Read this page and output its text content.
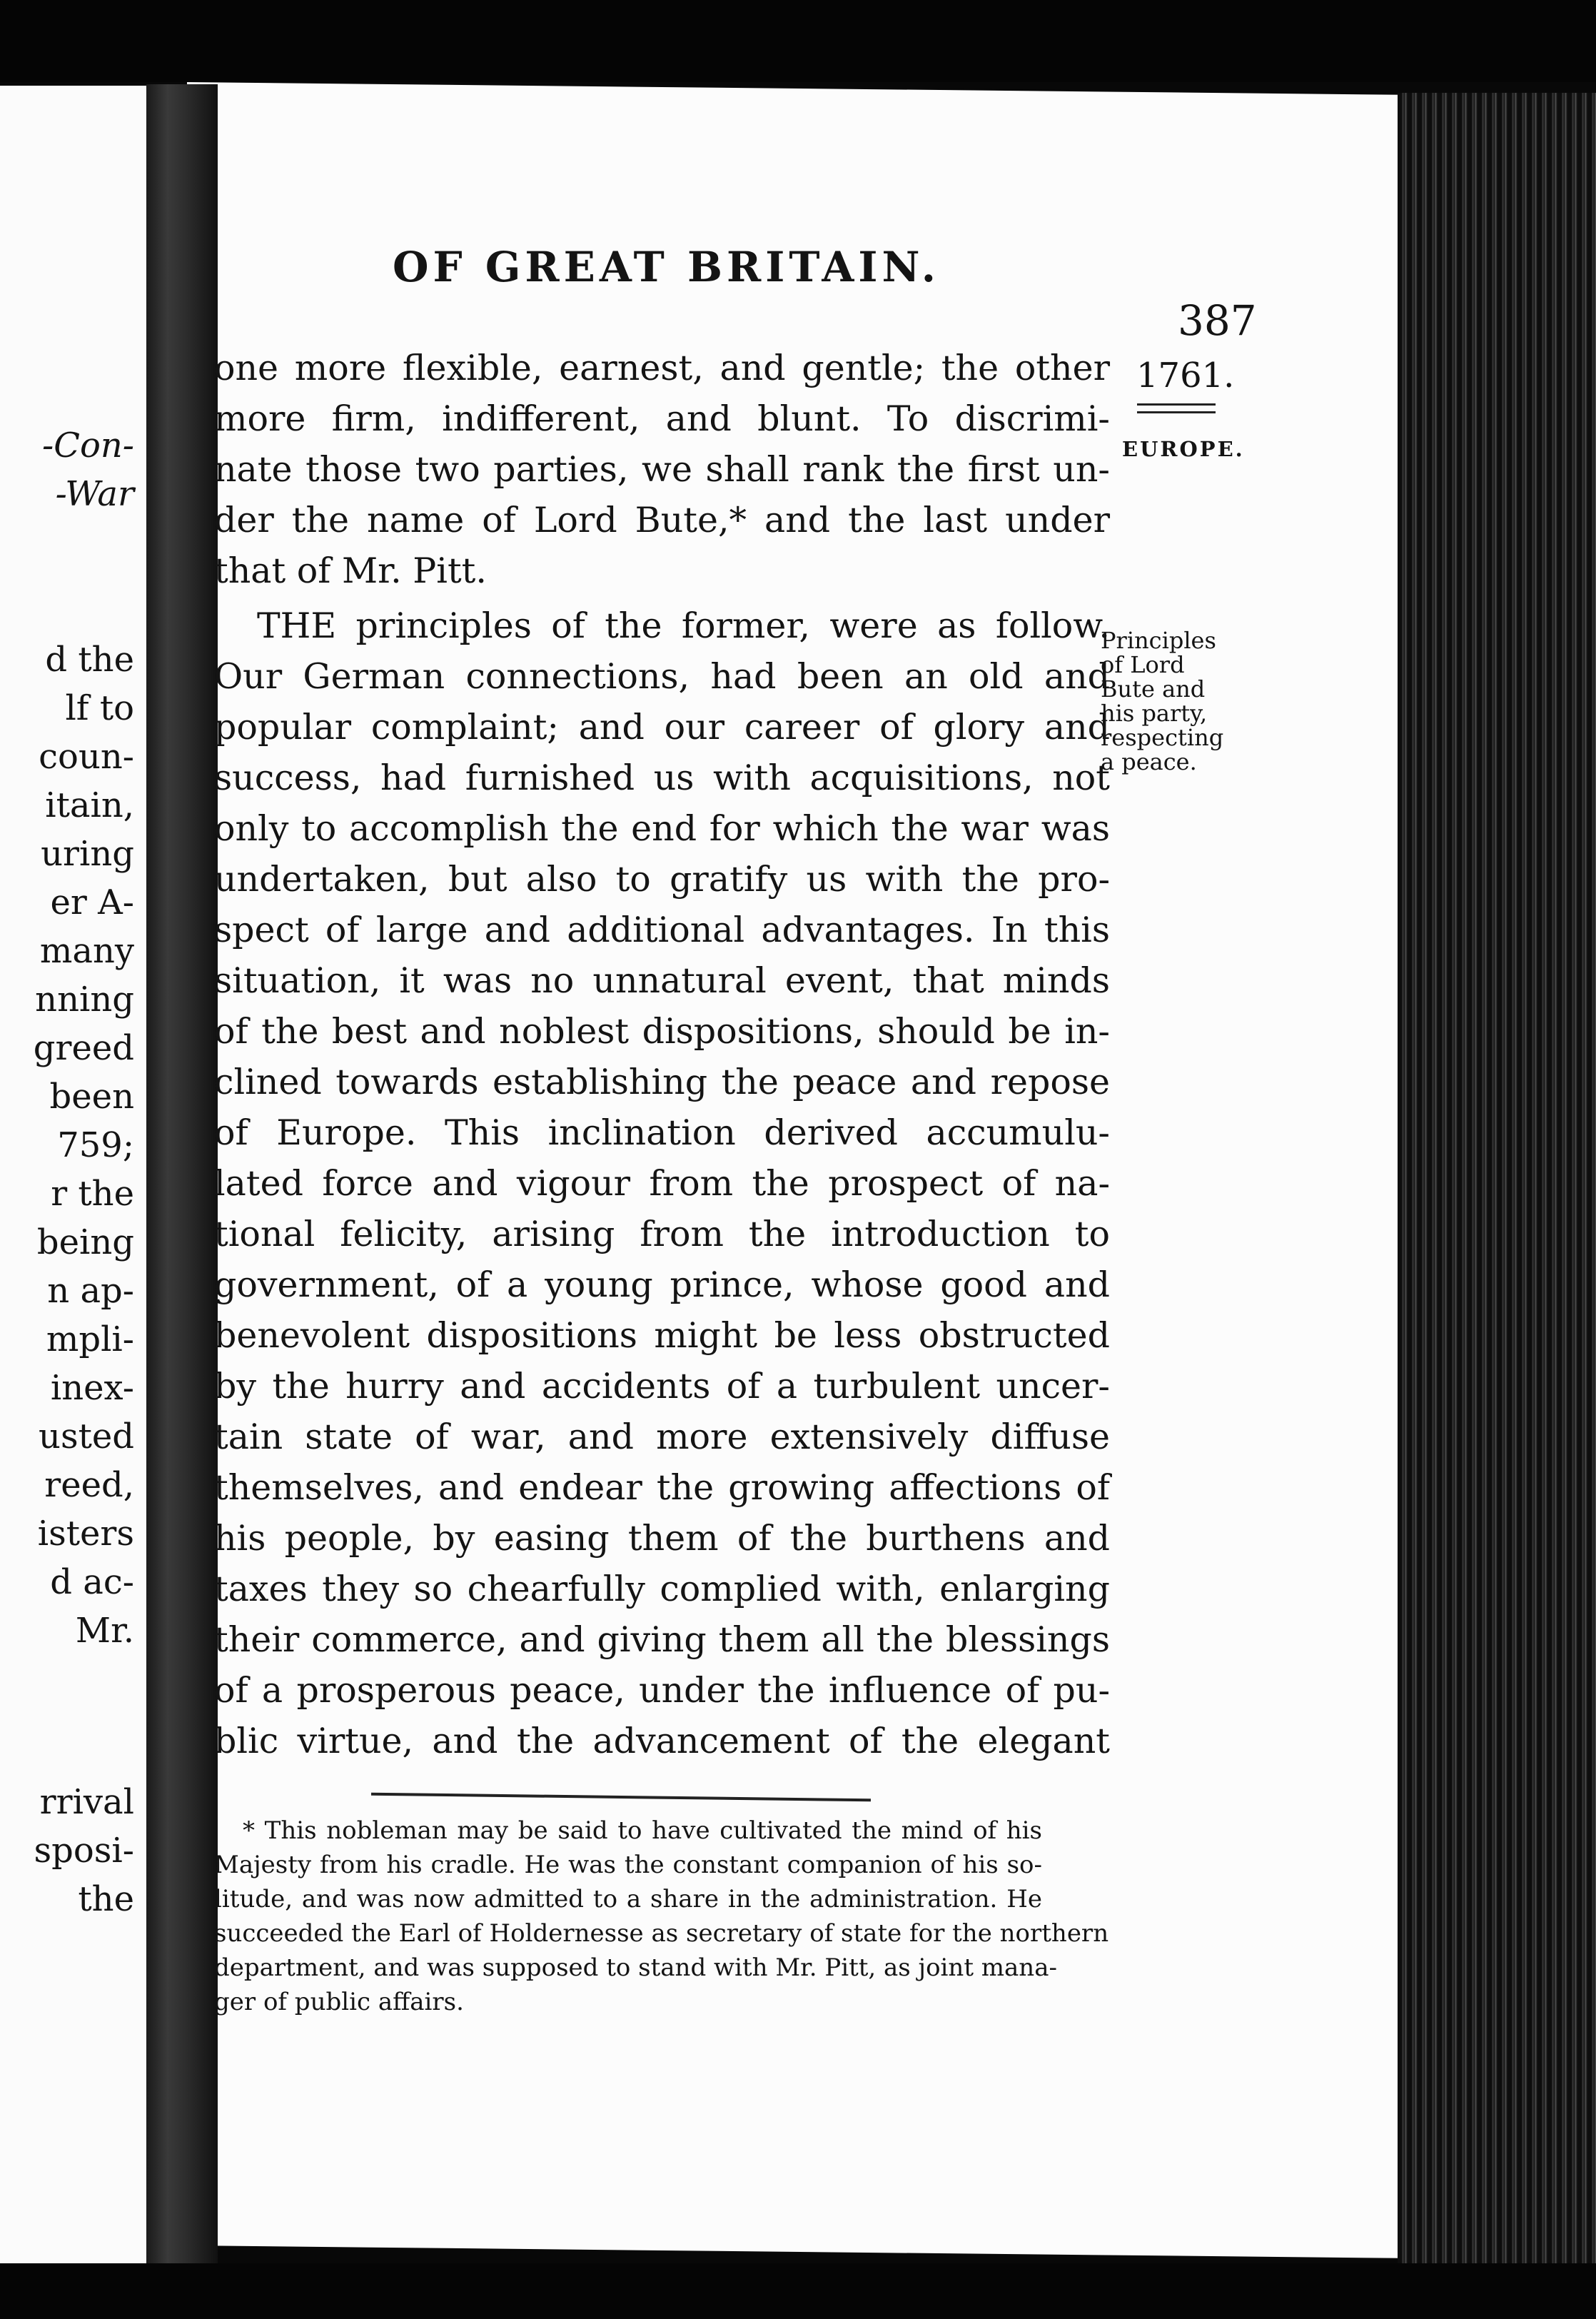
-Con-
-War
d the
lf to
coun-
itain,
uring
er A-
many
nning
greed
been
759;
r the
being
n ap-
mpli-
inex-
usted
reed,
isters
d ac-
Mr.
rrival
sposi-
the
OF GREAT BRITAIN.
387
1761.
EUROPE.
Principles
of Lord
Bute and
his party,
respecting
a peace.
one more flexible, earnest, and gentle; the other
more firm, indifferent, and blunt. To discrimi-
nate those two parties, we shall rank the first un-
der the name of Lord Bute,* and the last under
that of Mr. Pitt.
THE principles of the former, were as follow.
Our German connections, had been an old and
popular complaint; and our career of glory and
success, had furnished us with acquisitions, not
only to accomplish the end for which the war was
undertaken, but also to gratify us with the pro-
spect of large and additional advantages. In this
situation, it was no unnatural event, that minds
of the best and noblest dispositions, should be in-
clined towards establishing the peace and repose
of Europe. This inclination derived accumulu-
lated force and vigour from the prospect of na-
tional felicity, arising from the introduction to
government, of a young prince, whose good and
benevolent dispositions might be less obstructed
by the hurry and accidents of a turbulent uncer-
tain state of war, and more extensively diffuse
themselves, and endear the growing affections of
his people, by easing them of the burthens and
taxes they so chearfully complied with, enlarging
their commerce, and giving them all the blessings
of a prosperous peace, under the influence of pu-
blic virtue, and the advancement of the elegant
* This nobleman may be said to have cultivated the mind of his
Majesty from his cradle. He was the constant companion of his so-
litude, and was now admitted to a share in the administration. He
succeeded the Earl of Holdernesse as secretary of state for the northern
department, and was supposed to stand with Mr. Pitt, as joint mana-
ger of public affairs.
